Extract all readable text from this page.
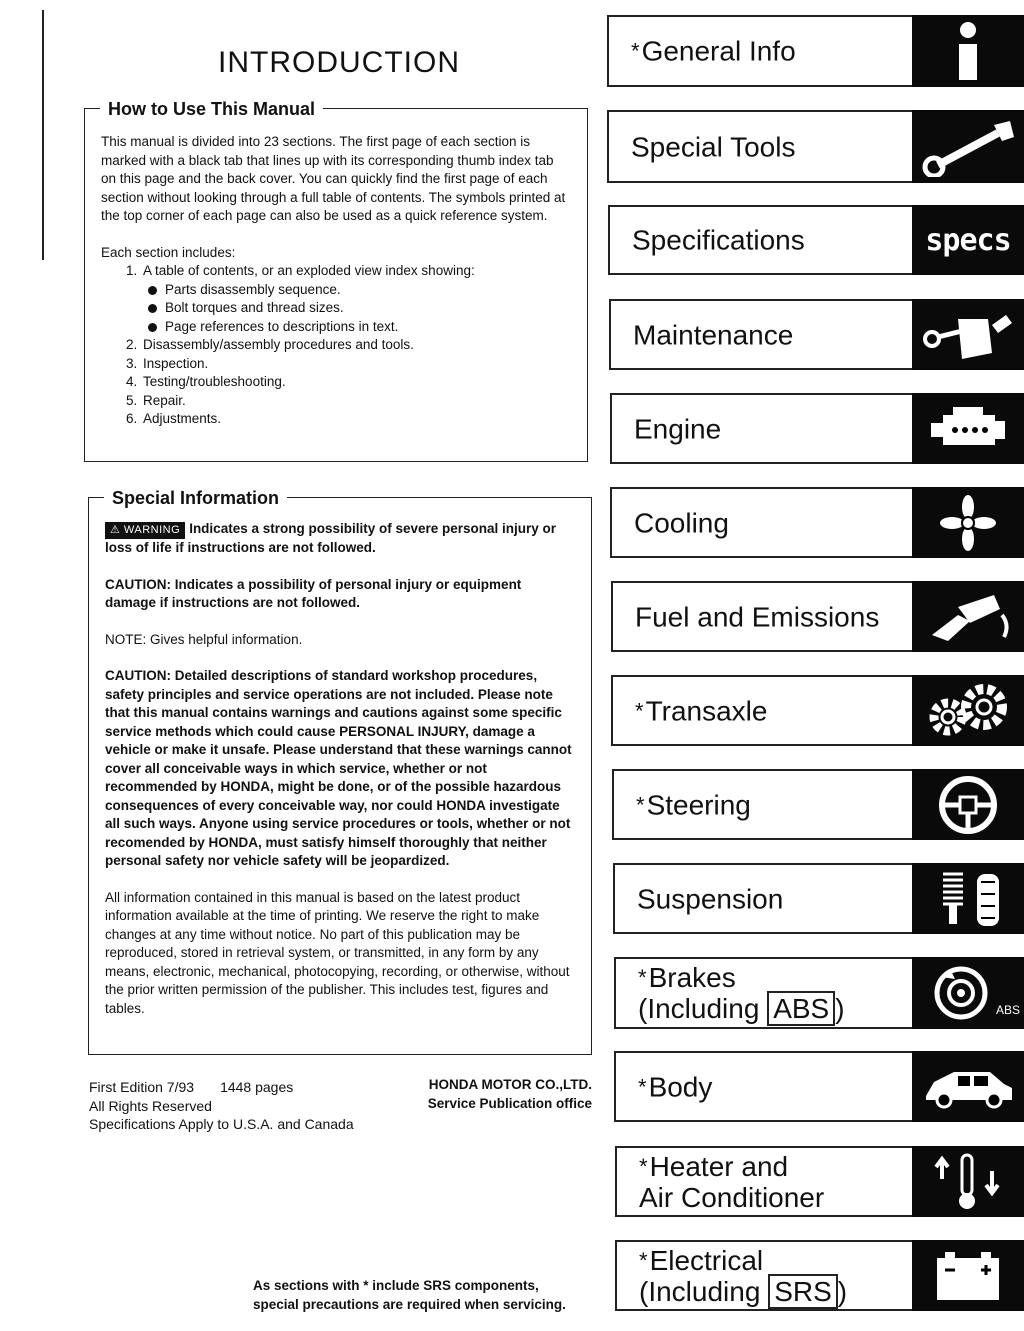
INTRODUCTION

This manual is divided into 23 sections. The first page of each section is marked with a black tab that lines up with its corresponding thumb index tab on this page and the back cover. You can quickly find the first page of each section without looking through a full table of contents. The symbols printed at the top corner of each page can also be used as a quick reference system.

Each section includes:

1. A table of contents, or an exploded view index showing:
Parts disassembly sequence.
Bolt torques and thread sizes.
Page references to descriptions in text.
2. Disassembly/assembly procedures and tools.
3. Inspection.
4. Testing/troubleshooting.
5. Repair.
6. Adjustments.
How to Use This Manual

⚠ WARNING Indicates a strong possibility of severe personal injury or loss of life if instructions are not followed.

CAUTION: Indicates a possibility of personal injury or equipment damage if instructions are not followed.

NOTE: Gives helpful information.

CAUTION: Detailed descriptions of standard workshop procedures, safety principles and service operations are not included. Please note that this manual contains warnings and cautions against some specific service methods which could cause PERSONAL INJURY, damage a vehicle or make it unsafe. Please understand that these warnings cannot cover all conceivable ways in which service, whether or not recommended by HONDA, might be done, or of the possible hazardous consequences of every conceivable way, nor could HONDA investigate all such ways. Anyone using service procedures or tools, whether or not recomended by HONDA, must satisfy himself thoroughly that neither personal safety nor vehicle safety will be jeopardized.

All information contained in this manual is based on the latest product information available at the time of printing. We reserve the right to make changes at any time without notice. No part of this publication may be reproduced, stored in retrieval system, or transmitted, in any form by any means, electronic, mechanical, photocopying, recording, or otherwise, without the prior written permission of the publisher. This includes test, figures and tables.

Special Information
First Edition 7/93 1448 pages
All Rights Reserved
Specifications Apply to U.S.A. and Canada
HONDA MOTOR CO.,LTD.
Service Publication office
As sections with * include SRS components,
special precautions are required when servicing.
*General Info
Special Tools
Specifications	specs
Maintenance
Engine
Cooling
Fuel and Emissions
*Transaxle
*Steering
Suspension
*Brakes
(Including ABS )	ABS
*Body
*Heater and
Air Conditioner
*Electrical
(Including SRS )
